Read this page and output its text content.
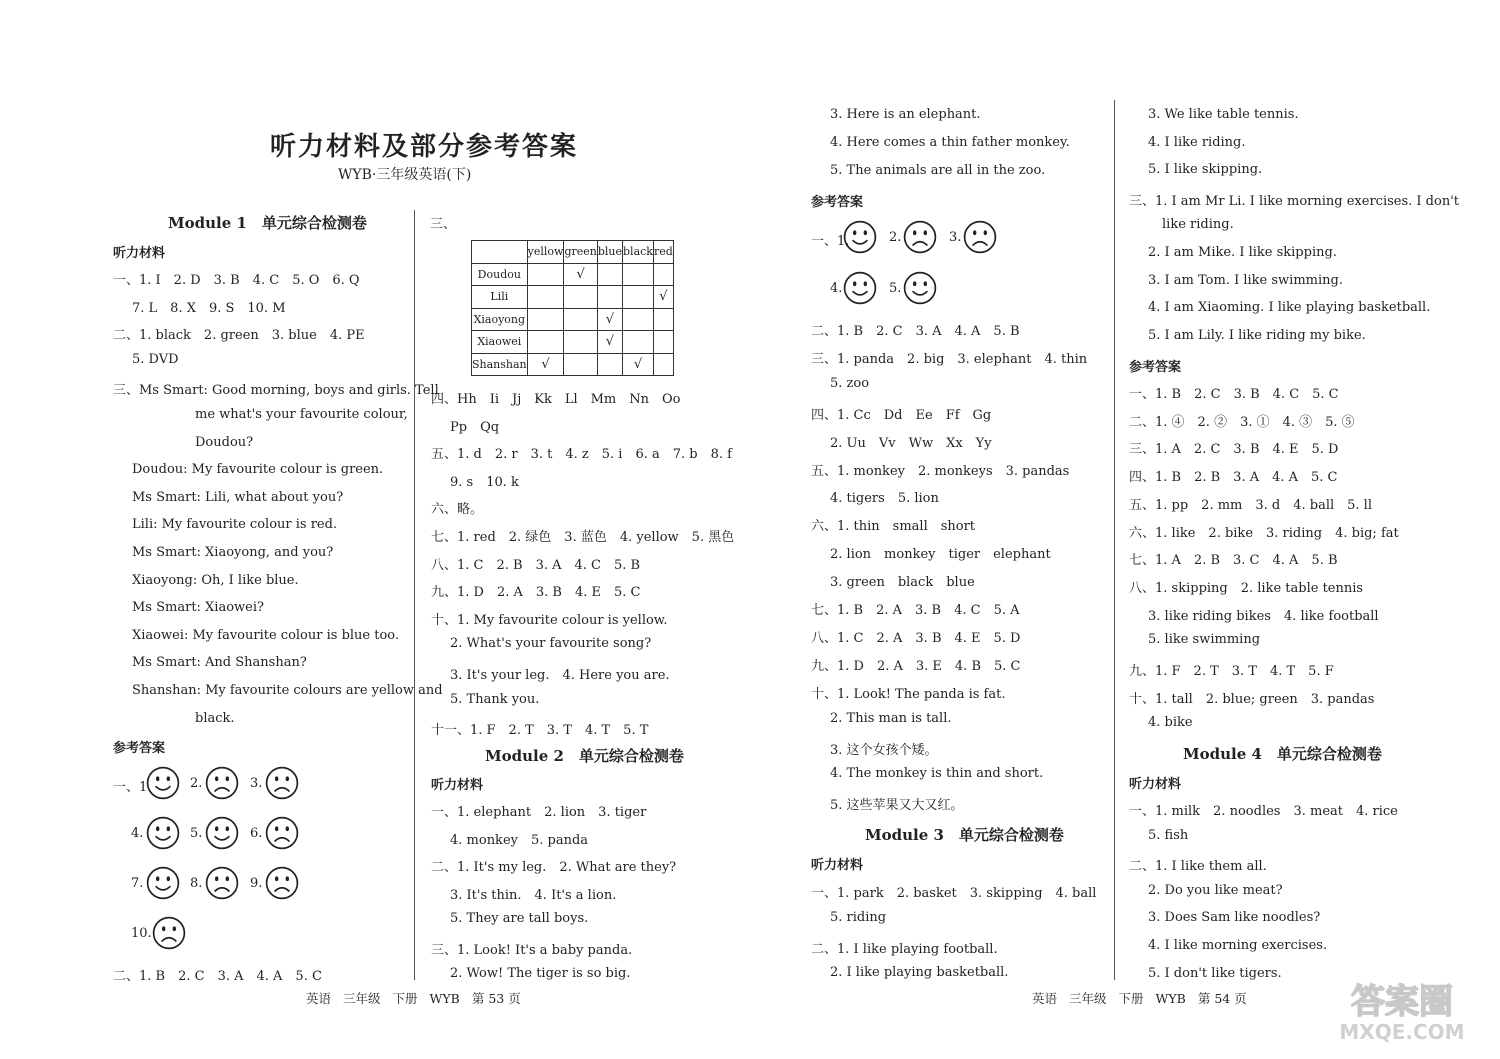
听力材料及部分参考答案
WYB·三年级英语(下)
Module 1　单元综合检测卷
听力材料
一、1. I　2. D　3. B　4. C　5. O　6. Q
7. L　8. X　9. S　10. M
二、1. black　2. green　3. blue　4. PE
5. DVD
三、Ms Smart: Good morning, boys and girls. Tell
me what's your favourite colour,
Doudou?
Doudou: My favourite colour is green.
Ms Smart: Lili, what about you?
Lili: My favourite colour is red.
Ms Smart: Xiaoyong, and you?
Xiaoyong: Oh, I like blue.
Ms Smart: Xiaowei?
Xiaowei: My favourite colour is blue too.
Ms Smart: And Shanshan?
Shanshan: My favourite colours are yellow and
black.
参考答案
一、1.	2.	3.
4.	5.	6.
7.	8.	9.
10.
二、1. B　2. C　3. A　4. A　5. C
三、
	yellow	green	blue	black	red
Doudou		√			
Lili					√
Xiaoyong			√		
Xiaowei			√		
Shanshan	√			√	
四、Hh　Ii　Jj　Kk　Ll　Mm　Nn　Oo
Pp　Qq
五、1. d　2. r　3. t　4. z　5. i　6. a　7. b　8. f
9. s　10. k
六、略。
七、1. red　2. 绿色　3. 蓝色　4. yellow　5. 黑色
八、1. C　2. B　3. A　4. C　5. B
九、1. D　2. A　3. B　4. E　5. C
十、1. My favourite colour is yellow.
2. What's your favourite song?
3. It's your leg.　4. Here you are.
5. Thank you.
十一、1. F　2. T　3. T　4. T　5. T
Module 2　单元综合检测卷
听力材料
一、1. elephant　2. lion　3. tiger
4. monkey　5. panda
二、1. It's my leg.　2. What are they?
3. It's thin.　4. It's a lion.
5. They are tall boys.
三、1. Look! It's a baby panda.
2. Wow! The tiger is so big.
3. Here is an elephant.
4. Here comes a thin father monkey.
5. The animals are all in the zoo.
参考答案
一、1.	2.	3.
4.	5.
二、1. B　2. C　3. A　4. A　5. B
三、1. panda　2. big　3. elephant　4. thin
5. zoo
四、1. Cc　Dd　Ee　Ff　Gg
2. Uu　Vv　Ww　Xx　Yy
五、1. monkey　2. monkeys　3. pandas
4. tigers　5. lion
六、1. thin　small　short
2. lion　monkey　tiger　elephant
3. green　black　blue
七、1. B　2. A　3. B　4. C　5. A
八、1. C　2. A　3. B　4. E　5. D
九、1. D　2. A　3. E　4. B　5. C
十、1. Look! The panda is fat.
2. This man is tall.
3. 这个女孩个矮。
4. The monkey is thin and short.
5. 这些苹果又大又红。
Module 3　单元综合检测卷
听力材料
一、1. park　2. basket　3. skipping　4. ball
5. riding
二、1. I like playing football.
2. I like playing basketball.
3. We like table tennis.
4. I like riding.
5. I like skipping.
三、1. I am Mr Li. I like morning exercises. I don't
like riding.
2. I am Mike. I like skipping.
3. I am Tom. I like swimming.
4. I am Xiaoming. I like playing basketball.
5. I am Lily. I like riding my bike.
参考答案
一、1. B　2. C　3. B　4. C　5. C
二、1. ④　2. ②　3. ①　4. ③　5. ⑤
三、1. A　2. C　3. B　4. E　5. D
四、1. B　2. B　3. A　4. A　5. C
五、1. pp　2. mm　3. d　4. ball　5. ll
六、1. like　2. bike　3. riding　4. big; fat
七、1. A　2. B　3. C　4. A　5. B
八、1. skipping　2. like table tennis
3. like riding bikes　4. like football
5. like swimming
九、1. F　2. T　3. T　4. T　5. F
十、1. tall　2. blue; green　3. pandas
4. bike
Module 4　单元综合检测卷
听力材料
一、1. milk　2. noodles　3. meat　4. rice
5. fish
二、1. I like them all.
2. Do you like meat?
3. Does Sam like noodles?
4. I like morning exercises.
5. I don't like tigers.
英语 三年级 下册 WYB 第 53 页	英语 三年级 下册 WYB 第 54 页	答案圈
MXQE.COM
